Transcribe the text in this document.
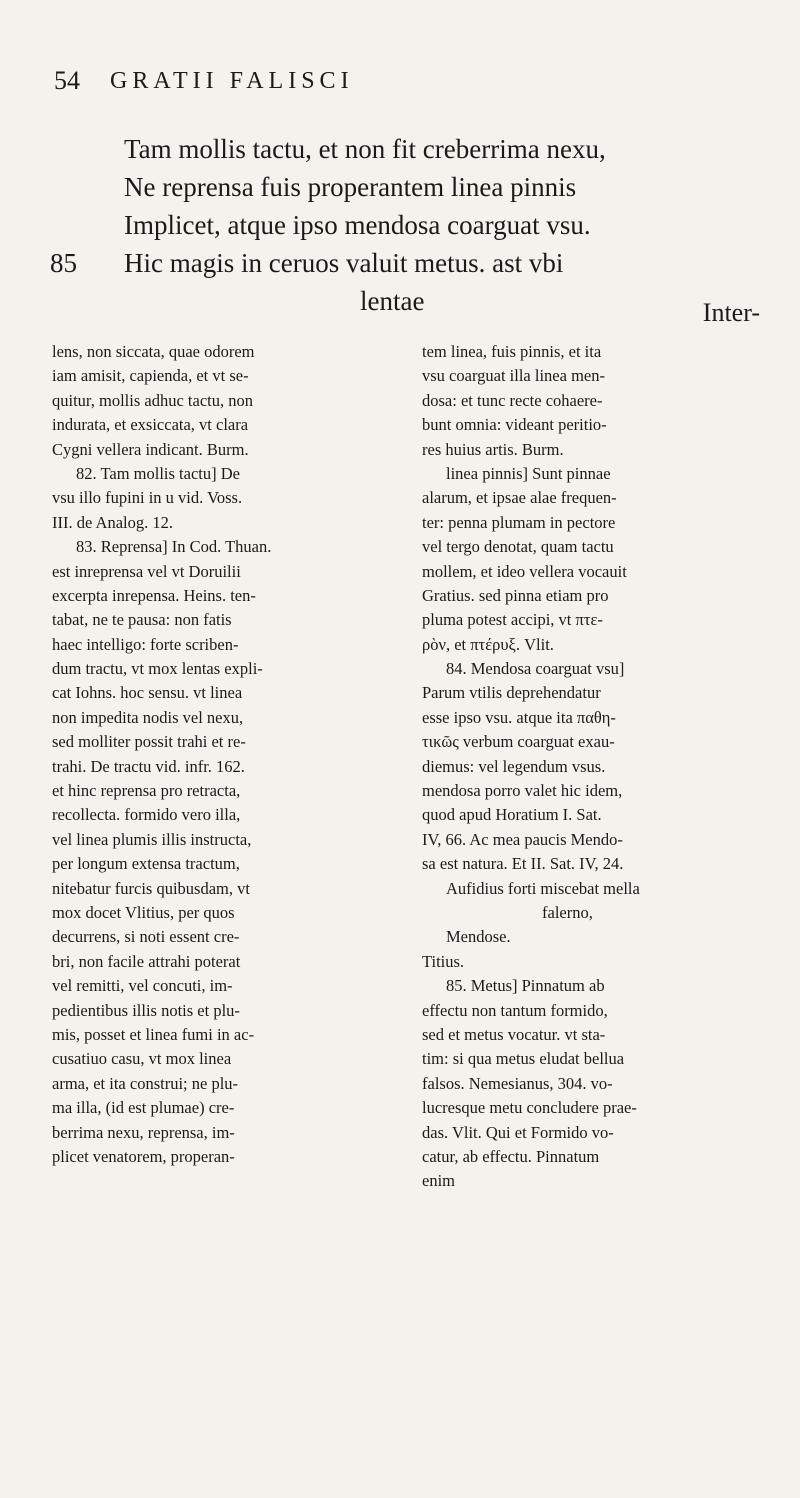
54 GRATII FALISCI
Tam mollis tactu, et non fit creberrima nexu,
Ne reprensa fuis properantem linea pinnis
Implicet, atque ipso mendosa coarguat vsu.
85 Hic magis in ceruos valuit metus. ast vbi
lentae	Inter-
lens, non siccata, quae odorem
iam amisit, capienda, et vt se-
quitur, mollis adhuc tactu, non
indurata, et exsiccata, vt clara
Cygni vellera indicant. Burm.
82. Tam mollis tactu] De
vsu illo fupini in u vid. Voss.
III. de Analog. 12.
83. Reprensa] In Cod. Thuan.
est inreprensa vel vt Doruilii
excerpta inrepensa. Heins. ten-
tabat, ne te pausa: non fatis
haec intelligo: forte scriben-
dum tractu, vt mox lentas expli-
cat Iohns. hoc sensu. vt linea
non impedita nodis vel nexu,
sed molliter possit trahi et re-
trahi. De tractu vid. infr. 162.
et hinc reprensa pro retracta,
recollecta. formido vero illa,
vel linea plumis illis instructa,
per longum extensa tractum,
nitebatur furcis quibusdam, vt
mox docet Vlitius, per quos
decurrens, si noti essent cre-
bri, non facile attrahi poterat
vel remitti, vel concuti, im-
pedientibus illis notis et plu-
mis, posset et linea fumi in ac-
cusatiuo casu, vt mox linea
arma, et ita construi; ne plu-
ma illa, (id est plumae) cre-
berrima nexu, reprensa, im-
plicet venatorem, properan-
tem linea, fuis pinnis, et ita
vsu coarguat illa linea men-
dosa: et tunc recte cohaere-
bunt omnia: videant peritio-
res huius artis. Burm.
linea pinnis] Sunt pinnae
alarum, et ipsae alae frequen-
ter: penna plumam in pectore
vel tergo denotat, quam tactu
mollem, et ideo vellera vocauit
Gratius. sed pinna etiam pro
pluma potest accipi, vt πτε-
ρὸν, et πτέρυξ. Vlit.
84. Mendosa coarguat vsu]
Parum vtilis deprehendatur
esse ipso vsu. atque ita παθη-
τικῶς verbum coarguat exau-
diemus: vel legendum vsus.
mendosa porro valet hic idem,
quod apud Horatium I. Sat.
IV, 66. Ac mea paucis Mendo-
sa est natura. Et II. Sat. IV, 24.
Aufidius forti miscebat mella
falerno,
Mendose.
Titius.
85. Metus] Pinnatum ab
effectu non tantum formido,
sed et metus vocatur. vt sta-
tim: si qua metus eludat bellua
falsos. Nemesianus, 304. vo-
lucresque metu concludere prae-
das. Vlit. Qui et Formido vo-
catur, ab effectu. Pinnatum
enim
